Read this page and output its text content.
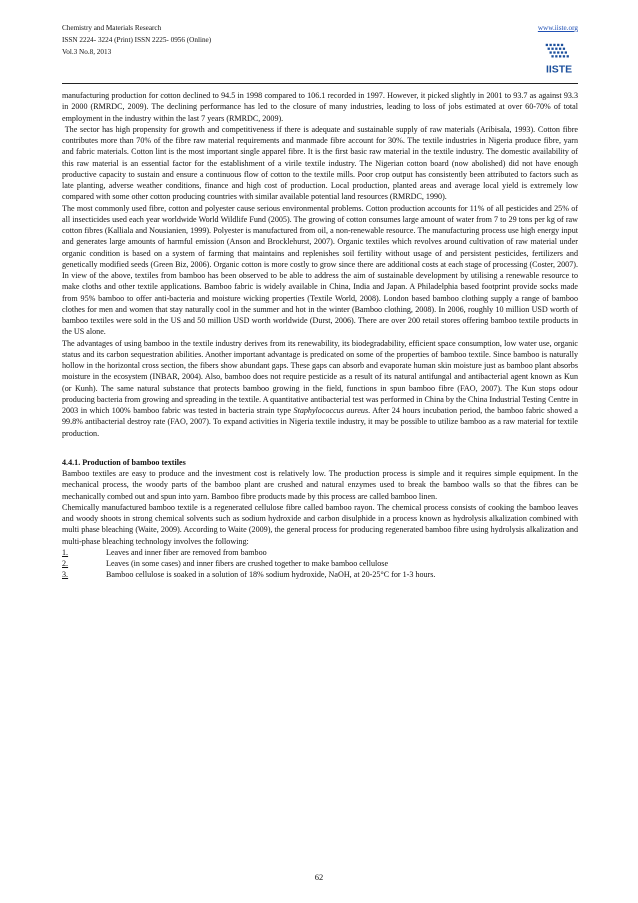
Chemistry and Materials Research
ISSN 2224- 3224 (Print) ISSN 2225- 0956 (Online)
Vol.3 No.8, 2013
www.iiste.org
IISTE

manufacturing production for cotton declined to 94.5 in 1998 compared to 106.1 recorded in 1997. However, it picked slightly in 2001 to 93.7 as against 93.3 in 2000 (RMRDC, 2009). The declining performance has led to the closure of many industries, leading to loss of jobs estimated at over 60-70% of total employment in the industry within the last 7 years (RMRDC, 2009).

The sector has high propensity for growth and competitiveness if there is adequate and sustainable supply of raw materials (Aribisala, 1993). Cotton fibre contributes more than 70% of the fibre raw material requirements and manmade fibre account for 30%. The textile industries in Nigeria produce fibre, yarn and fabric materials. Cotton lint is the most important single apparel fibre. It is the first basic raw material in the textile industry. The domestic availability of this raw material is an essential factor for the establishment of a virile textile industry. The Nigerian cotton board (now abolished) did not have enough productive capacity to sustain and ensure a continuous flow of cotton to the textile mills. Poor crop output has consistently been attributed to factors such as late planting, adverse weather conditions, finance and high cost of production. Local production, planted areas and average local yield is extremely low compared with some other cotton producing countries with similar available potential land resources (RMRDC, 1990).

The most commonly used fibre, cotton and polyester cause serious environmental problems. Cotton production accounts for 11% of all pesticides and 25% of all insecticides used each year worldwide World Wildlife Fund (2005). The growing of cotton consumes large amount of water from 7 to 29 tons per kg of raw cotton fibres (Kalliala and Nousianien, 1999). Polyester is manufactured from oil, a non-renewable resource. The manufacturing process use high energy input and generates large amounts of harmful emission (Anson and Brocklehurst, 2007). Organic textiles which revolves around cultivation of raw material under organic condition is based on a system of farming that maintains and replenishes soil fertility without usage of and persistent pesticides, fertilizers and genetically modified seeds (Green Biz, 2006). Organic cotton is more costly to grow since there are additional costs at each stage of processing (Coster, 2007). In view of the above, textiles from bamboo has been observed to be able to address the aim of sustainable development by utilising a renewable resource to make cloths and other textile applications. Bamboo fabric is widely available in China, India and Japan. A Philadelphia based footprint provide socks made from 95% bamboo to offer anti-bacteria and moisture wicking properties (Textile World, 2008). London based bamboo clothing supply a range of bamboo clothes for men and women that stay naturally cool in the summer and hot in the winter (Bamboo clothing, 2008). In 2006, roughly 10 million USD worth of bamboo textiles were sold in the US and 50 million USD worth worldwide (Durst, 2006). There are over 200 retail stores offering bamboo textile products in the US alone.

The advantages of using bamboo in the textile industry derives from its renewability, its biodegradability, efficient space consumption, low water use, organic status and its carbon sequestration abilities. Another important advantage is predicated on some of the properties of bamboo textile. Since bamboo is naturally hollow in the horizontal cross section, the fibers show abundant gaps. These gaps can absorb and evaporate human skin moisture just as bamboo plant absorbs moisture in the ecosystem (INBAR, 2004). Also, bamboo does not require pesticide as a result of its natural antifungal and antibacterial agent known as Kun (or Kunh). The same natural substance that protects bamboo growing in the field, functions in spun bamboo fibre (FAO, 2007). The Kun stops odour producing bacteria from growing and spreading in the textile. A quantitative antibacterial test was performed in China by the China Industrial Testing Centre in 2003 in which 100% bamboo fabric was tested in bacteria strain type Staphylococcus aureus. After 24 hours incubation period, the bamboo fabric showed a 99.8% antibacterial destroy rate (FAO, 2007). To expand activities in Nigeria textile industry, it may be possible to utilize bamboo as a raw material for textile production.

4.4.1. Production of bamboo textiles

Bamboo textiles are easy to produce and the investment cost is relatively low. The production process is simple and it requires simple equipment. In the mechanical process, the woody parts of the bamboo plant are crushed and natural enzymes used to break the bamboo walls so that the fibres can be mechanically combed out and spun into yarn. Bamboo fibre products made by this process are called bamboo linen.

Chemically manufactured bamboo textile is a regenerated cellulose fibre called bamboo rayon. The chemical process consists of cooking the bamboo leaves and woody shoots in strong chemical solvents such as sodium hydroxide and carbon disulphide in a process known as hydrolysis alkalization combined with multi phase bleaching (Waite, 2009). According to Waite (2009), the general process for producing regenerated bamboo fibre using hydrolysis alkalization and multi-phase bleaching technology involves the following:

1.	Leaves and inner fiber are removed from bamboo
2.	Leaves (in some cases) and inner fibers are crushed together to make bamboo cellulose
3.	Bamboo cellulose is soaked in a solution of 18% sodium hydroxide, NaOH, at 20-25°C for 1-3 hours.
62
